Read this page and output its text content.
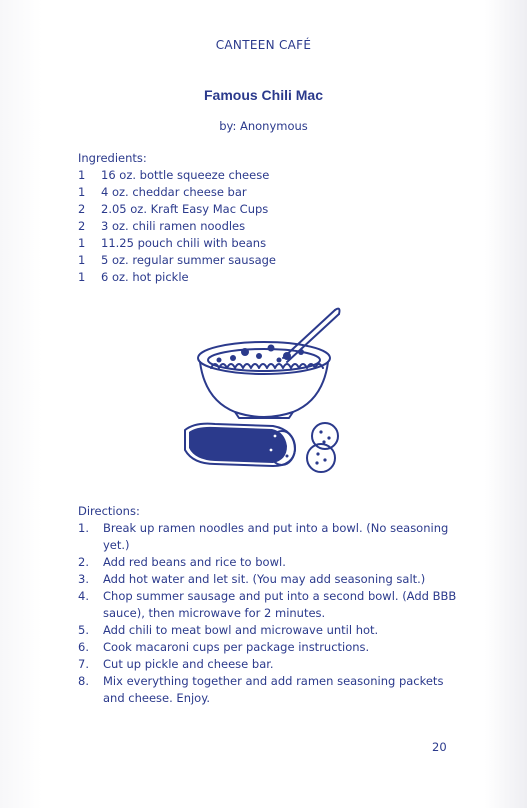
CANTEEN CAFÉ
Famous Chili Mac
by: Anonymous
Ingredients:
1	16 oz. bottle squeeze cheese
1	4 oz. cheddar cheese bar
2	2.05 oz. Kraft Easy Mac Cups
2	3 oz. chili ramen noodles
1	11.25 pouch chili with beans
1	5 oz. regular summer sausage
1	6 oz. hot pickle
Directions:
1.	Break up ramen noodles and put into a bowl. (No seasoning yet.)
2.	Add red beans and rice to bowl.
3.	Add hot water and let sit. (You may add seasoning salt.)
4.	Chop summer sausage and put into a second bowl. (Add BBB sauce), then microwave for 2 minutes.
5.	Add chili to meat bowl and microwave until hot.
6.	Cook macaroni cups per package instructions.
7.	Cut up pickle and cheese bar.
8.	Mix everything together and add ramen seasoning packets and cheese. Enjoy.
20
